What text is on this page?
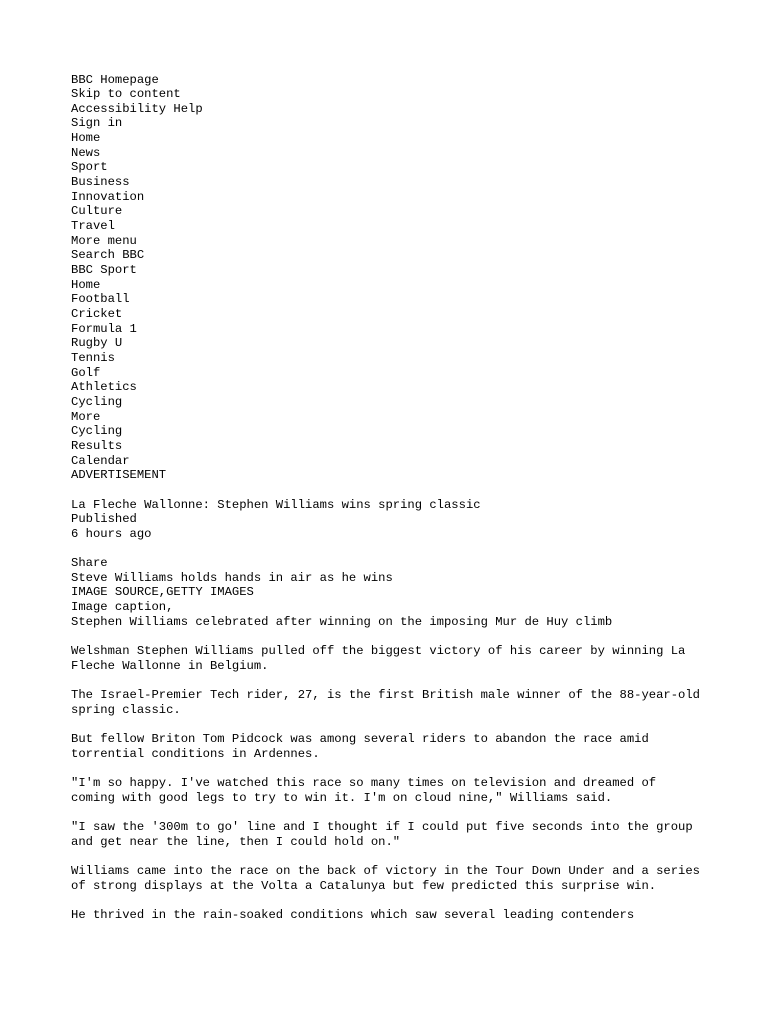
BBC Homepage
Skip to content
Accessibility Help
Sign in
Home
News
Sport
Business
Innovation
Culture
Travel
More menu
Search BBC
BBC Sport
Home
Football
Cricket
Formula 1
Rugby U
Tennis
Golf
Athletics
Cycling
More
Cycling
Results
Calendar
ADVERTISEMENT
La Fleche Wallonne: Stephen Williams wins spring classic
Published
6 hours ago
Share
Steve Williams holds hands in air as he wins
IMAGE SOURCE,GETTY IMAGES
Image caption,
Stephen Williams celebrated after winning on the imposing Mur de Huy climb

Welshman Stephen Williams pulled off the biggest victory of his career by winning La Fleche Wallonne in Belgium.

The Israel-Premier Tech rider, 27, is the first British male winner of the 88-year-old spring classic.

But fellow Briton Tom Pidcock was among several riders to abandon the race amid torrential conditions in Ardennes.

"I'm so happy. I've watched this race so many times on television and dreamed of coming with good legs to try to win it. I'm on cloud nine," Williams said.

"I saw the '300m to go' line and I thought if I could put five seconds into the group and get near the line, then I could hold on."

Williams came into the race on the back of victory in the Tour Down Under and a series of strong displays at the Volta a Catalunya but few predicted this surprise win.

He thrived in the rain-soaked conditions which saw several leading contenders
